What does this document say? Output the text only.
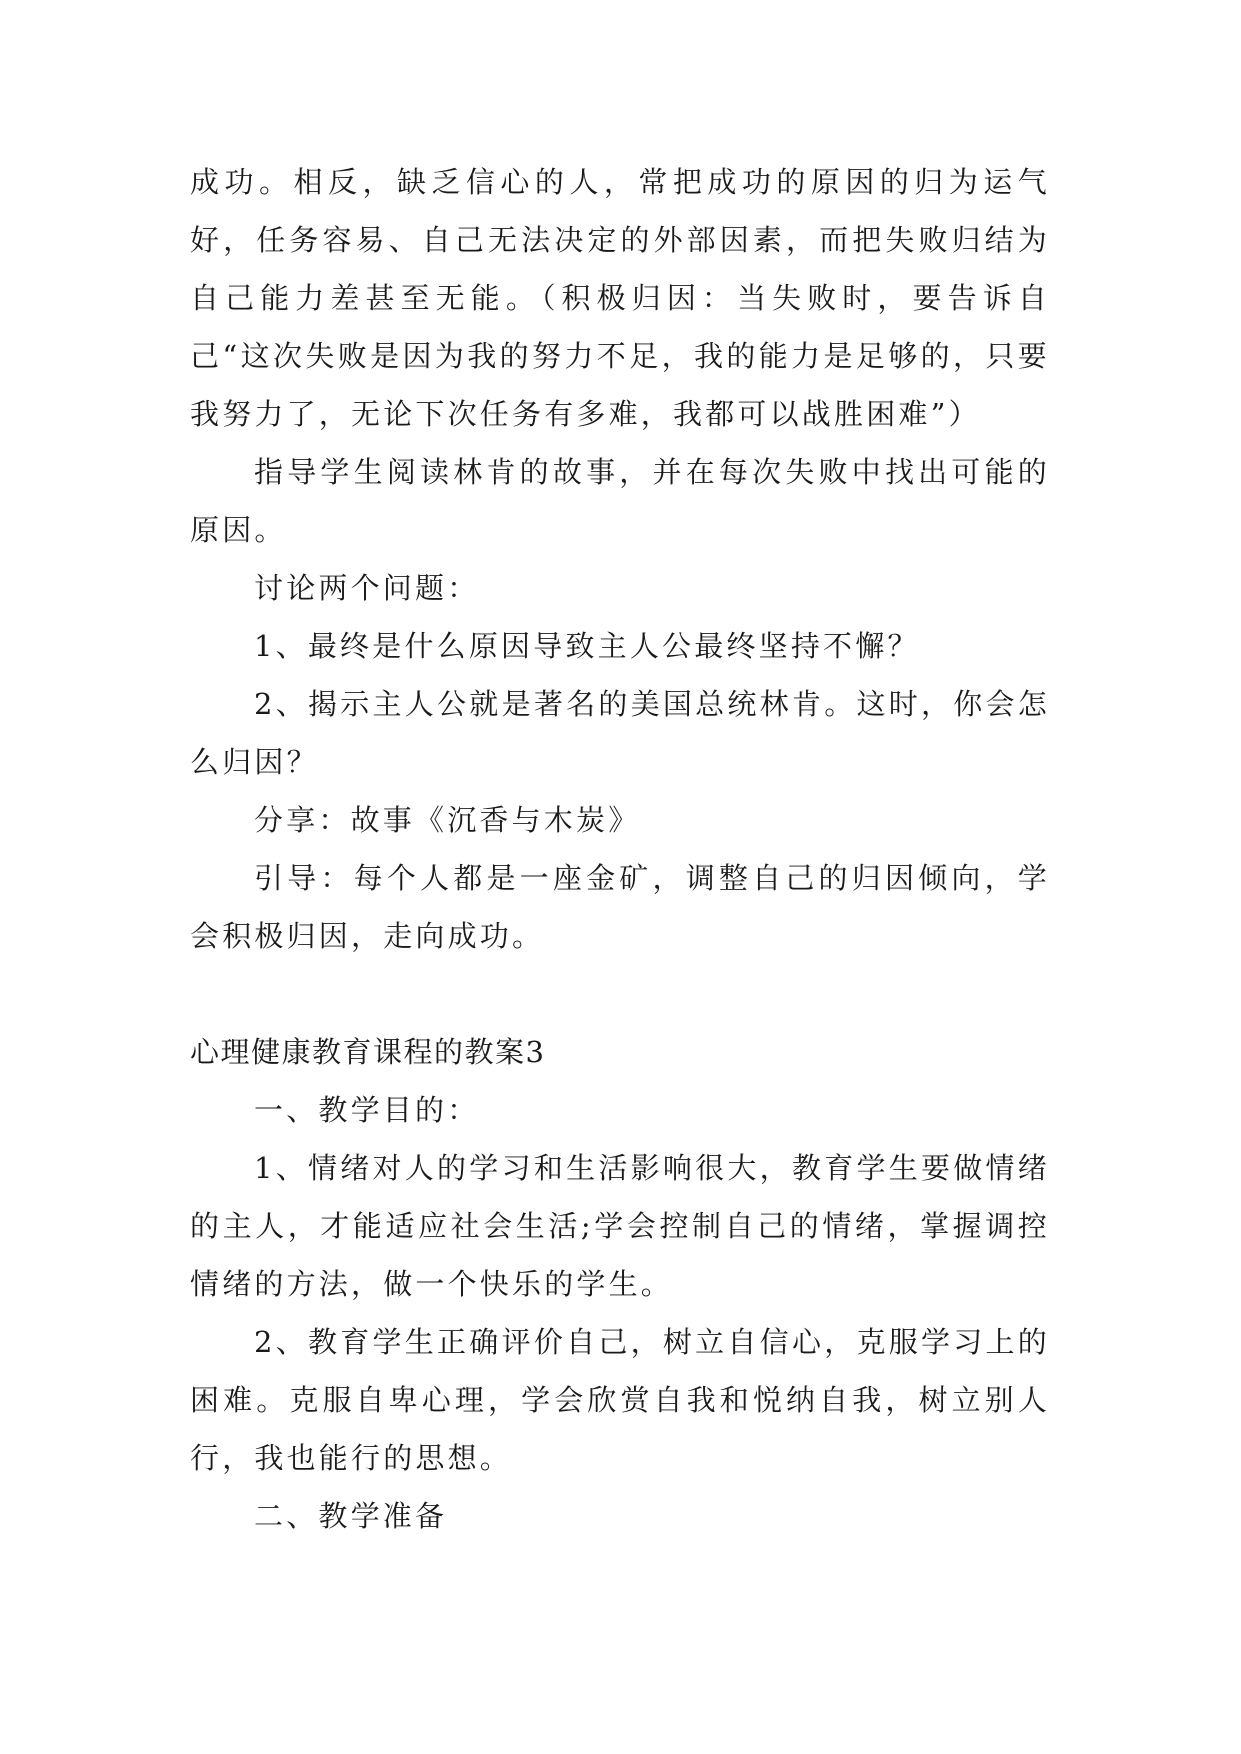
成功。相反，缺乏信心的人，常把成功的原因的归为运气好，任务容易、自己无法决定的外部因素，而把失败归结为自己能力差甚至无能。（积极归因：当失败时，要告诉自己“这次失败是因为我的努力不足，我的能力是足够的，只要我努力了，无论下次任务有多难，我都可以战胜困难”）

指导学生阅读林肯的故事，并在每次失败中找出可能的原因。

讨论两个问题：

1、最终是什么原因导致主人公最终坚持不懈？

2、揭示主人公就是著名的美国总统林肯。这时，你会怎么归因？

分享：故事《沉香与木炭》

引导：每个人都是一座金矿，调整自己的归因倾向，学会积极归因，走向成功。

心理健康教育课程的教案3

一、教学目的：

1、情绪对人的学习和生活影响很大，教育学生要做情绪的主人，才能适应社会生活;学会控制自己的情绪，掌握调控情绪的方法，做一个快乐的学生。

2、教育学生正确评价自己，树立自信心，克服学习上的困难。克服自卑心理，学会欣赏自我和悦纳自我，树立别人行，我也能行的思想。

二、教学准备
